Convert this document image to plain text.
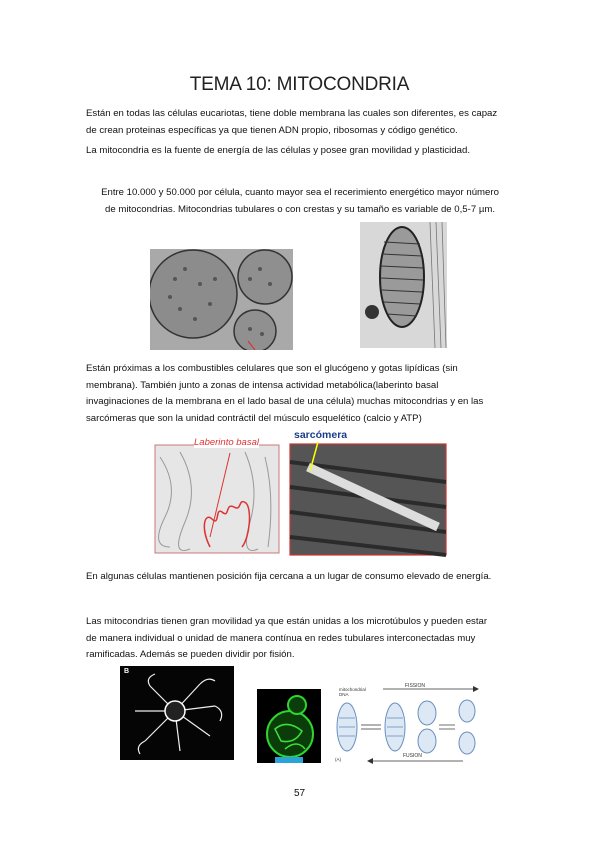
TEMA 10: MITOCONDRIA
Están en todas las células eucariotas, tiene doble membrana las cuales son diferentes, es capaz
de crean proteinas específicas ya que tienen ADN propio, ribosomas y código genético.
La mitocondria es la fuente de energía de las células y posee gran movilidad y plasticidad.
Entre 10.000 y 50.000 por célula, cuanto mayor sea el recerimiento energético mayor número
de mitocondrias. Mitocondrias tubulares o con crestas y su tamaño es variable de 0,5-7 µm.
Están próximas a los combustibles celulares que son el glucógeno y gotas lipídicas (sin
membrana). También junto a zonas de intensa actividad metabólica(laberinto basal
invaginaciones de la membrana en el lado basal de una célula) muchas mitocondrias y en las
sarcómeras que son la unidad contráctil del músculo esquelético (calcio y ATP)
Laberinto basal
sarcómera
En algunas células mantienen posición fija cercana a un lugar de consumo elevado de energía.
Las mitocondrias tienen gran movilidad ya que están unidas a los microtúbulos y pueden estar
de manera individual o unidad de manera contínua en redes tubulares interconectadas muy
ramificadas. Además se pueden dividir por fisión.
B
FISSION
FUSION
mitochondrial DNA
(A)
57
